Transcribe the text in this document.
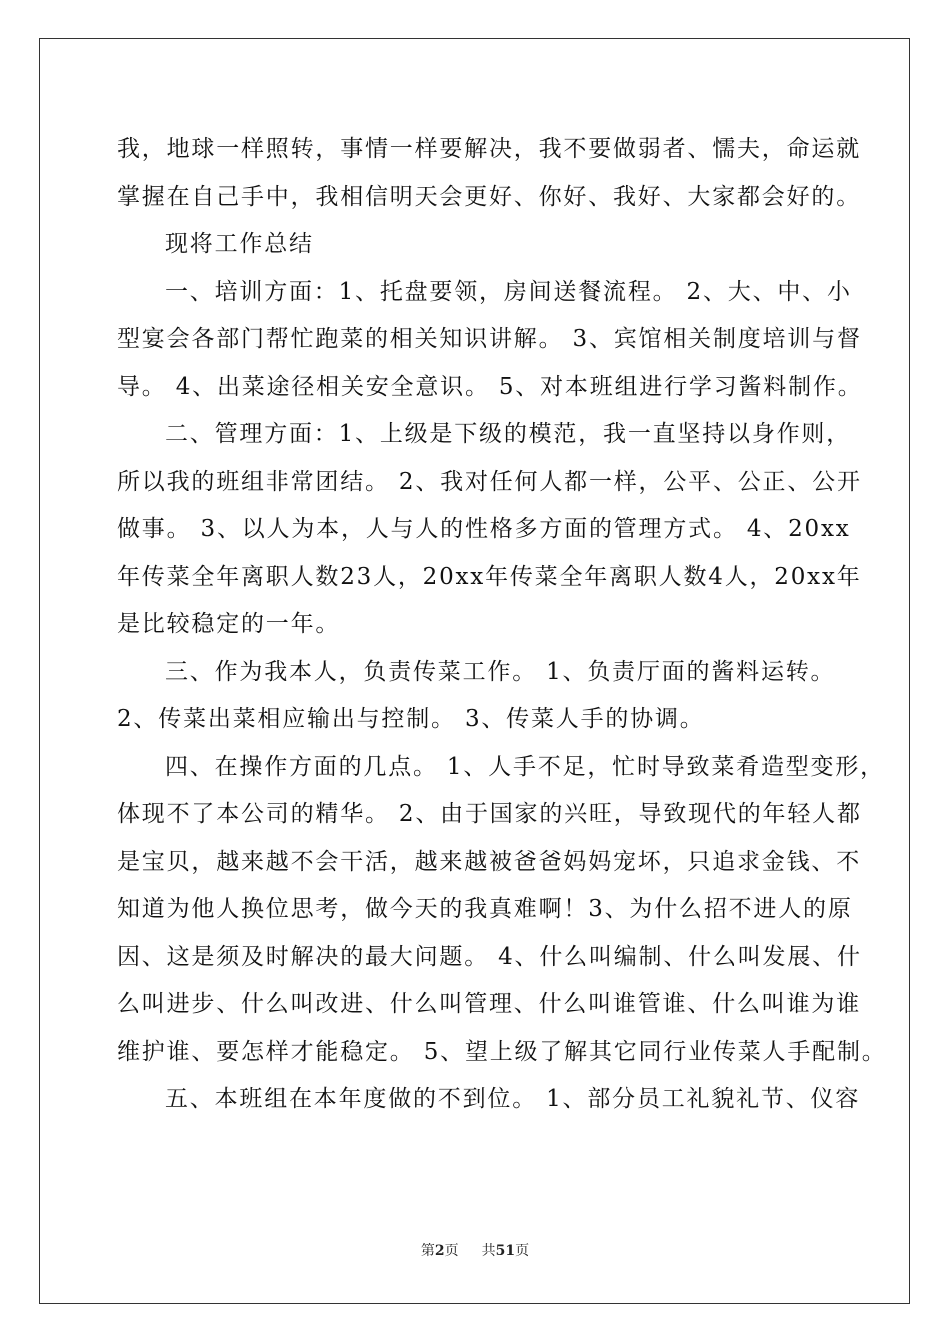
我，地球一样照转，事情一样要解决，我不要做弱者、懦夫，命运就
掌握在自己手中，我相信明天会更好、你好、我好、大家都会好的。
现将工作总结
一、培训方面：1、托盘要领，房间送餐流程。 2、大、中、小
型宴会各部门帮忙跑菜的相关知识讲解。 3、宾馆相关制度培训与督
导。 4、出菜途径相关安全意识。 5、对本班组进行学习酱料制作。
二、管理方面：1、上级是下级的模范，我一直坚持以身作则，
所以我的班组非常团结。 2、我对任何人都一样，公平、公正、公开
做事。 3、以人为本，人与人的性格多方面的管理方式。 4、20xx
年传菜全年离职人数23人，20xx年传菜全年离职人数4人，20xx年
是比较稳定的一年。
三、作为我本人，负责传菜工作。 1、负责厅面的酱料运转。
2、传菜出菜相应输出与控制。 3、传菜人手的协调。
四、在操作方面的几点。 1、人手不足，忙时导致菜肴造型变形，
体现不了本公司的精华。 2、由于国家的兴旺，导致现代的年轻人都
是宝贝，越来越不会干活，越来越被爸爸妈妈宠坏，只追求金钱、不
知道为他人换位思考，做今天的我真难啊！3、为什么招不进人的原
因、这是须及时解决的最大问题。 4、什么叫编制、什么叫发展、什
么叫进步、什么叫改进、什么叫管理、什么叫谁管谁、什么叫谁为谁
维护谁、要怎样才能稳定。 5、望上级了解其它同行业传菜人手配制。
五、本班组在本年度做的不到位。 1、部分员工礼貌礼节、仪容
第2页 共51页
